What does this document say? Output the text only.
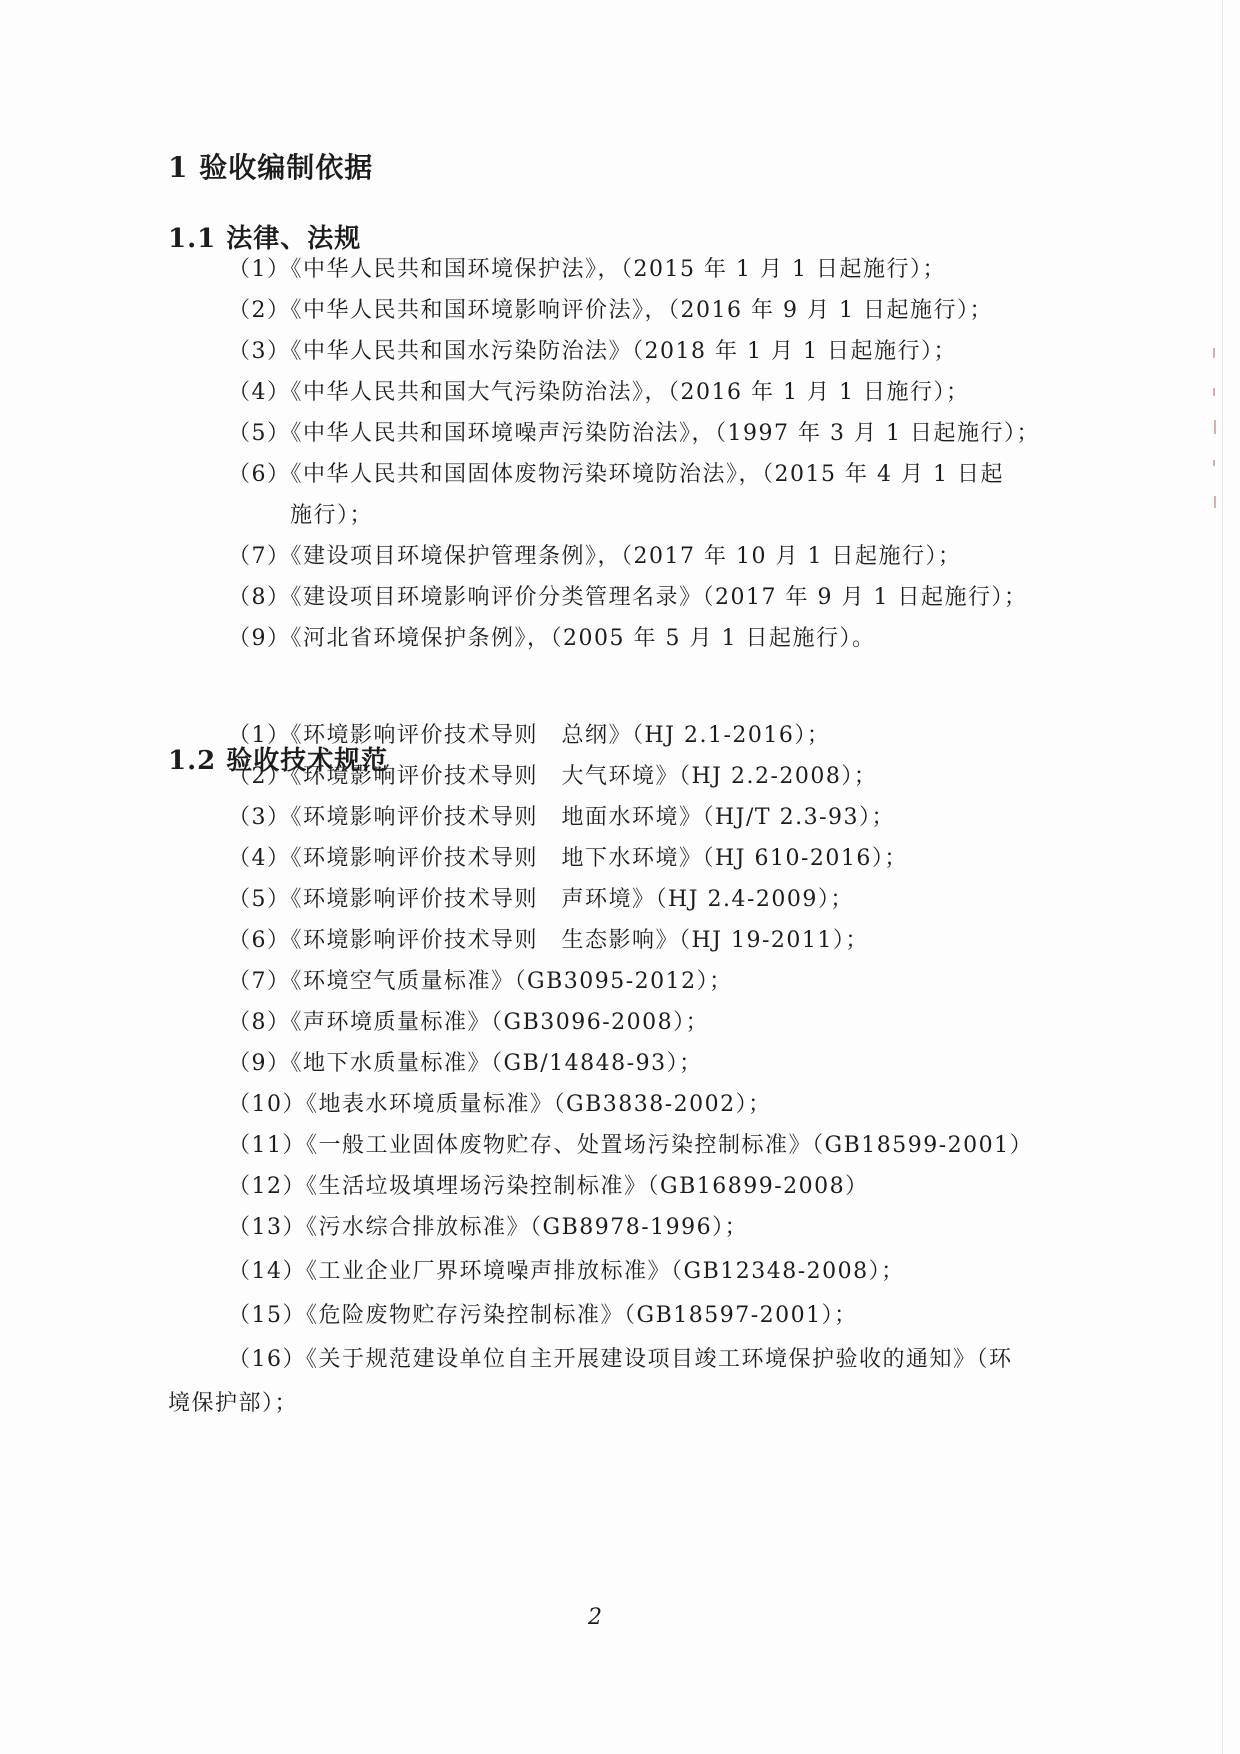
1 验收编制依据
1.1 法律、法规
（1）《中华人民共和国环境保护法》，（2015 年 1 月 1 日起施行）；
（2）《中华人民共和国环境影响评价法》，（2016 年 9 月 1 日起施行）；
（3）《中华人民共和国水污染防治法》（2018 年 1 月 1 日起施行）；
（4）《中华人民共和国大气污染防治法》，（2016 年 1 月 1 日施行）；
（5）《中华人民共和国环境噪声污染防治法》，（1997 年 3 月 1 日起施行）；
（6）《中华人民共和国固体废物污染环境防治法》，（2015 年 4 月 1 日起
施行）；
（7）《建设项目环境保护管理条例》，（2017 年 10 月 1 日起施行）；
（8）《建设项目环境影响评价分类管理名录》（2017 年 9 月 1 日起施行）；
（9）《河北省环境保护条例》，（2005 年 5 月 1 日起施行）。
1.2 验收技术规范
（1）《环境影响评价技术导则　总纲》（HJ 2.1-2016）；
（2）《环境影响评价技术导则　大气环境》（HJ 2.2-2008）；
（3）《环境影响评价技术导则　地面水环境》（HJ/T 2.3-93）；
（4）《环境影响评价技术导则　地下水环境》（HJ 610-2016）；
（5）《环境影响评价技术导则　声环境》（HJ 2.4-2009）；
（6）《环境影响评价技术导则　生态影响》（HJ 19-2011）；
（7）《环境空气质量标准》（GB3095-2012）；
（8）《声环境质量标准》（GB3096-2008）；
（9）《地下水质量标准》（GB/14848-93）；
（10）《地表水环境质量标准》（GB3838-2002）；
（11）《一般工业固体废物贮存、处置场污染控制标准》（GB18599-2001）
（12）《生活垃圾填埋场污染控制标准》（GB16899-2008）
（13）《污水综合排放标准》（GB8978-1996）；
（14）《工业企业厂界环境噪声排放标准》（GB12348-2008）；
（15）《危险废物贮存污染控制标准》（GB18597-2001）；
（16）《关于规范建设单位自主开展建设项目竣工环境保护验收的通知》（环
境保护部）；
2
